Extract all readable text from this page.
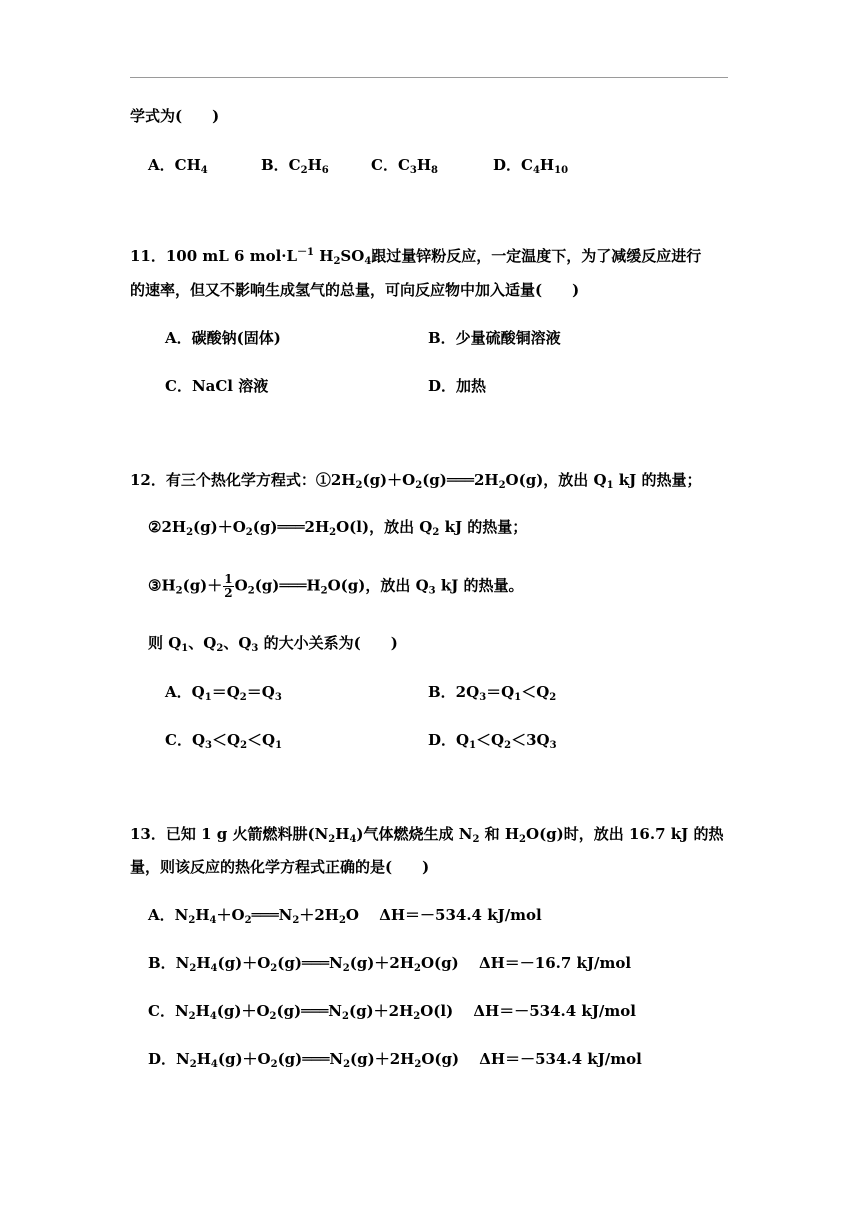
学式为(　　)
A．$CH_4$	B．$C_2H_6$	C．$C_3H_8$	D．$C_4H_{10}$
11．100 mL 6 $mol\cdot L^{-1}$ $H_2SO_4$跟过量锌粉反应，一定温度下，为了减缓反应进行
的速率，但又不影响生成氢气的总量，可向反应物中加入适量(　　)
A．碳酸钠(固体)	B．少量硫酸铜溶液
C．NaCl 溶液	D．加热
12．有三个热化学方程式：$①2H_2(g)+O_2(g)═══2H_2O(g)$，放出 $Q_1$ kJ 的热量；
$②2H_2(g)+O_2(g)═══2H_2O(l)$，放出 $Q_2$ kJ 的热量；
$③H_2(g)+ \frac{1}{2}$ $O_2(g)═══H_2O(g)$，放出 $Q_3$ kJ 的热量。
则 $Q_1$、$Q_2$、$Q_3$ 的大小关系为(　　)
A．$Q_1=Q_2=Q_3$	B．$2Q_3=Q_1<Q_2$
C．$Q_3<Q_2<Q_1$	D．$Q_1<Q_2<3Q_3$
13．已知 1 g 火箭燃料肼$(N_2H_4)$气体燃烧生成 $N_2$ 和 $H_2O(g)$时，放出 16.7 kJ 的热
量，则该反应的热化学方程式正确的是(　　)
A．$N_2H_4+O_2═══N_2+2H_2O$　 ΔH＝－534.4 kJ/mol
B．$N_2H_4(g)+O_2(g)═══N_2(g)+2H_2O(g)$　 ΔH＝－16.7 kJ/mol
C．$N_2H_4(g)+O_2(g)═══N_2(g)+2H_2O(l)$　 ΔH＝－534.4 kJ/mol
D．$N_2H_4(g)+O_2(g)═══N_2(g)+2H_2O(g)$　 ΔH＝－534.4 kJ/mol
